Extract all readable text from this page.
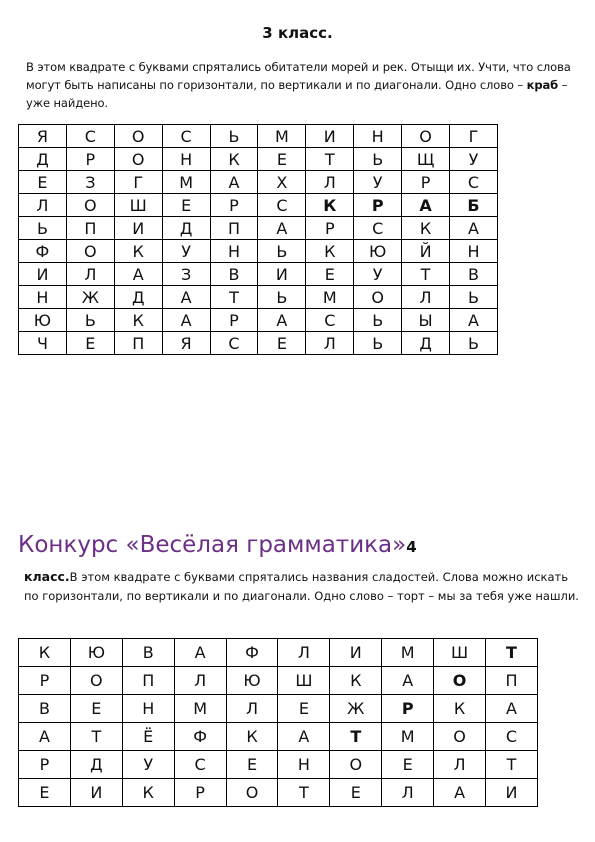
3 класс.
В этом квадрате с буквами спрятались обитатели морей и рек. Отыщи их. Учти, что слова могут быть написаны по горизонтали, по вертикали и по диагонали. Одно слово – краб – уже найдено.
Я	С	О	С	Ь	М	И	Н	О	Г
Д	Р	О	Н	К	Е	Т	Ь	Щ	У
Е	З	Г	М	А	Х	Л	У	Р	С
Л	О	Ш	Е	Р	С	К	Р	А	Б
Ь	П	И	Д	П	А	Р	С	К	А
Ф	О	К	У	Н	Ь	К	Ю	Й	Н
И	Л	А	З	В	И	Е	У	Т	В
Н	Ж	Д	А	Т	Ь	М	О	Л	Ь
Ю	Ь	К	А	Р	А	С	Ь	Ы	А
Ч	Е	П	Я	С	Е	Л	Ь	Д	Ь
Конкурс «Весёлая грамматика»4
класс.В этом квадрате с буквами спрятались названия сладостей. Слова можно искать по горизонтали, по вертикали и по диагонали. Одно слово – торт – мы за тебя уже нашли.
К	Ю	В	А	Ф	Л	И	М	Ш	Т
Р	О	П	Л	Ю	Ш	К	А	О	П
В	Е	Н	М	Л	Е	Ж	Р	К	А
А	Т	Ё	Ф	К	А	Т	М	О	С
Р	Д	У	С	Е	Н	О	Е	Л	Т
Е	И	К	Р	О	Т	Е	Л	А	И
